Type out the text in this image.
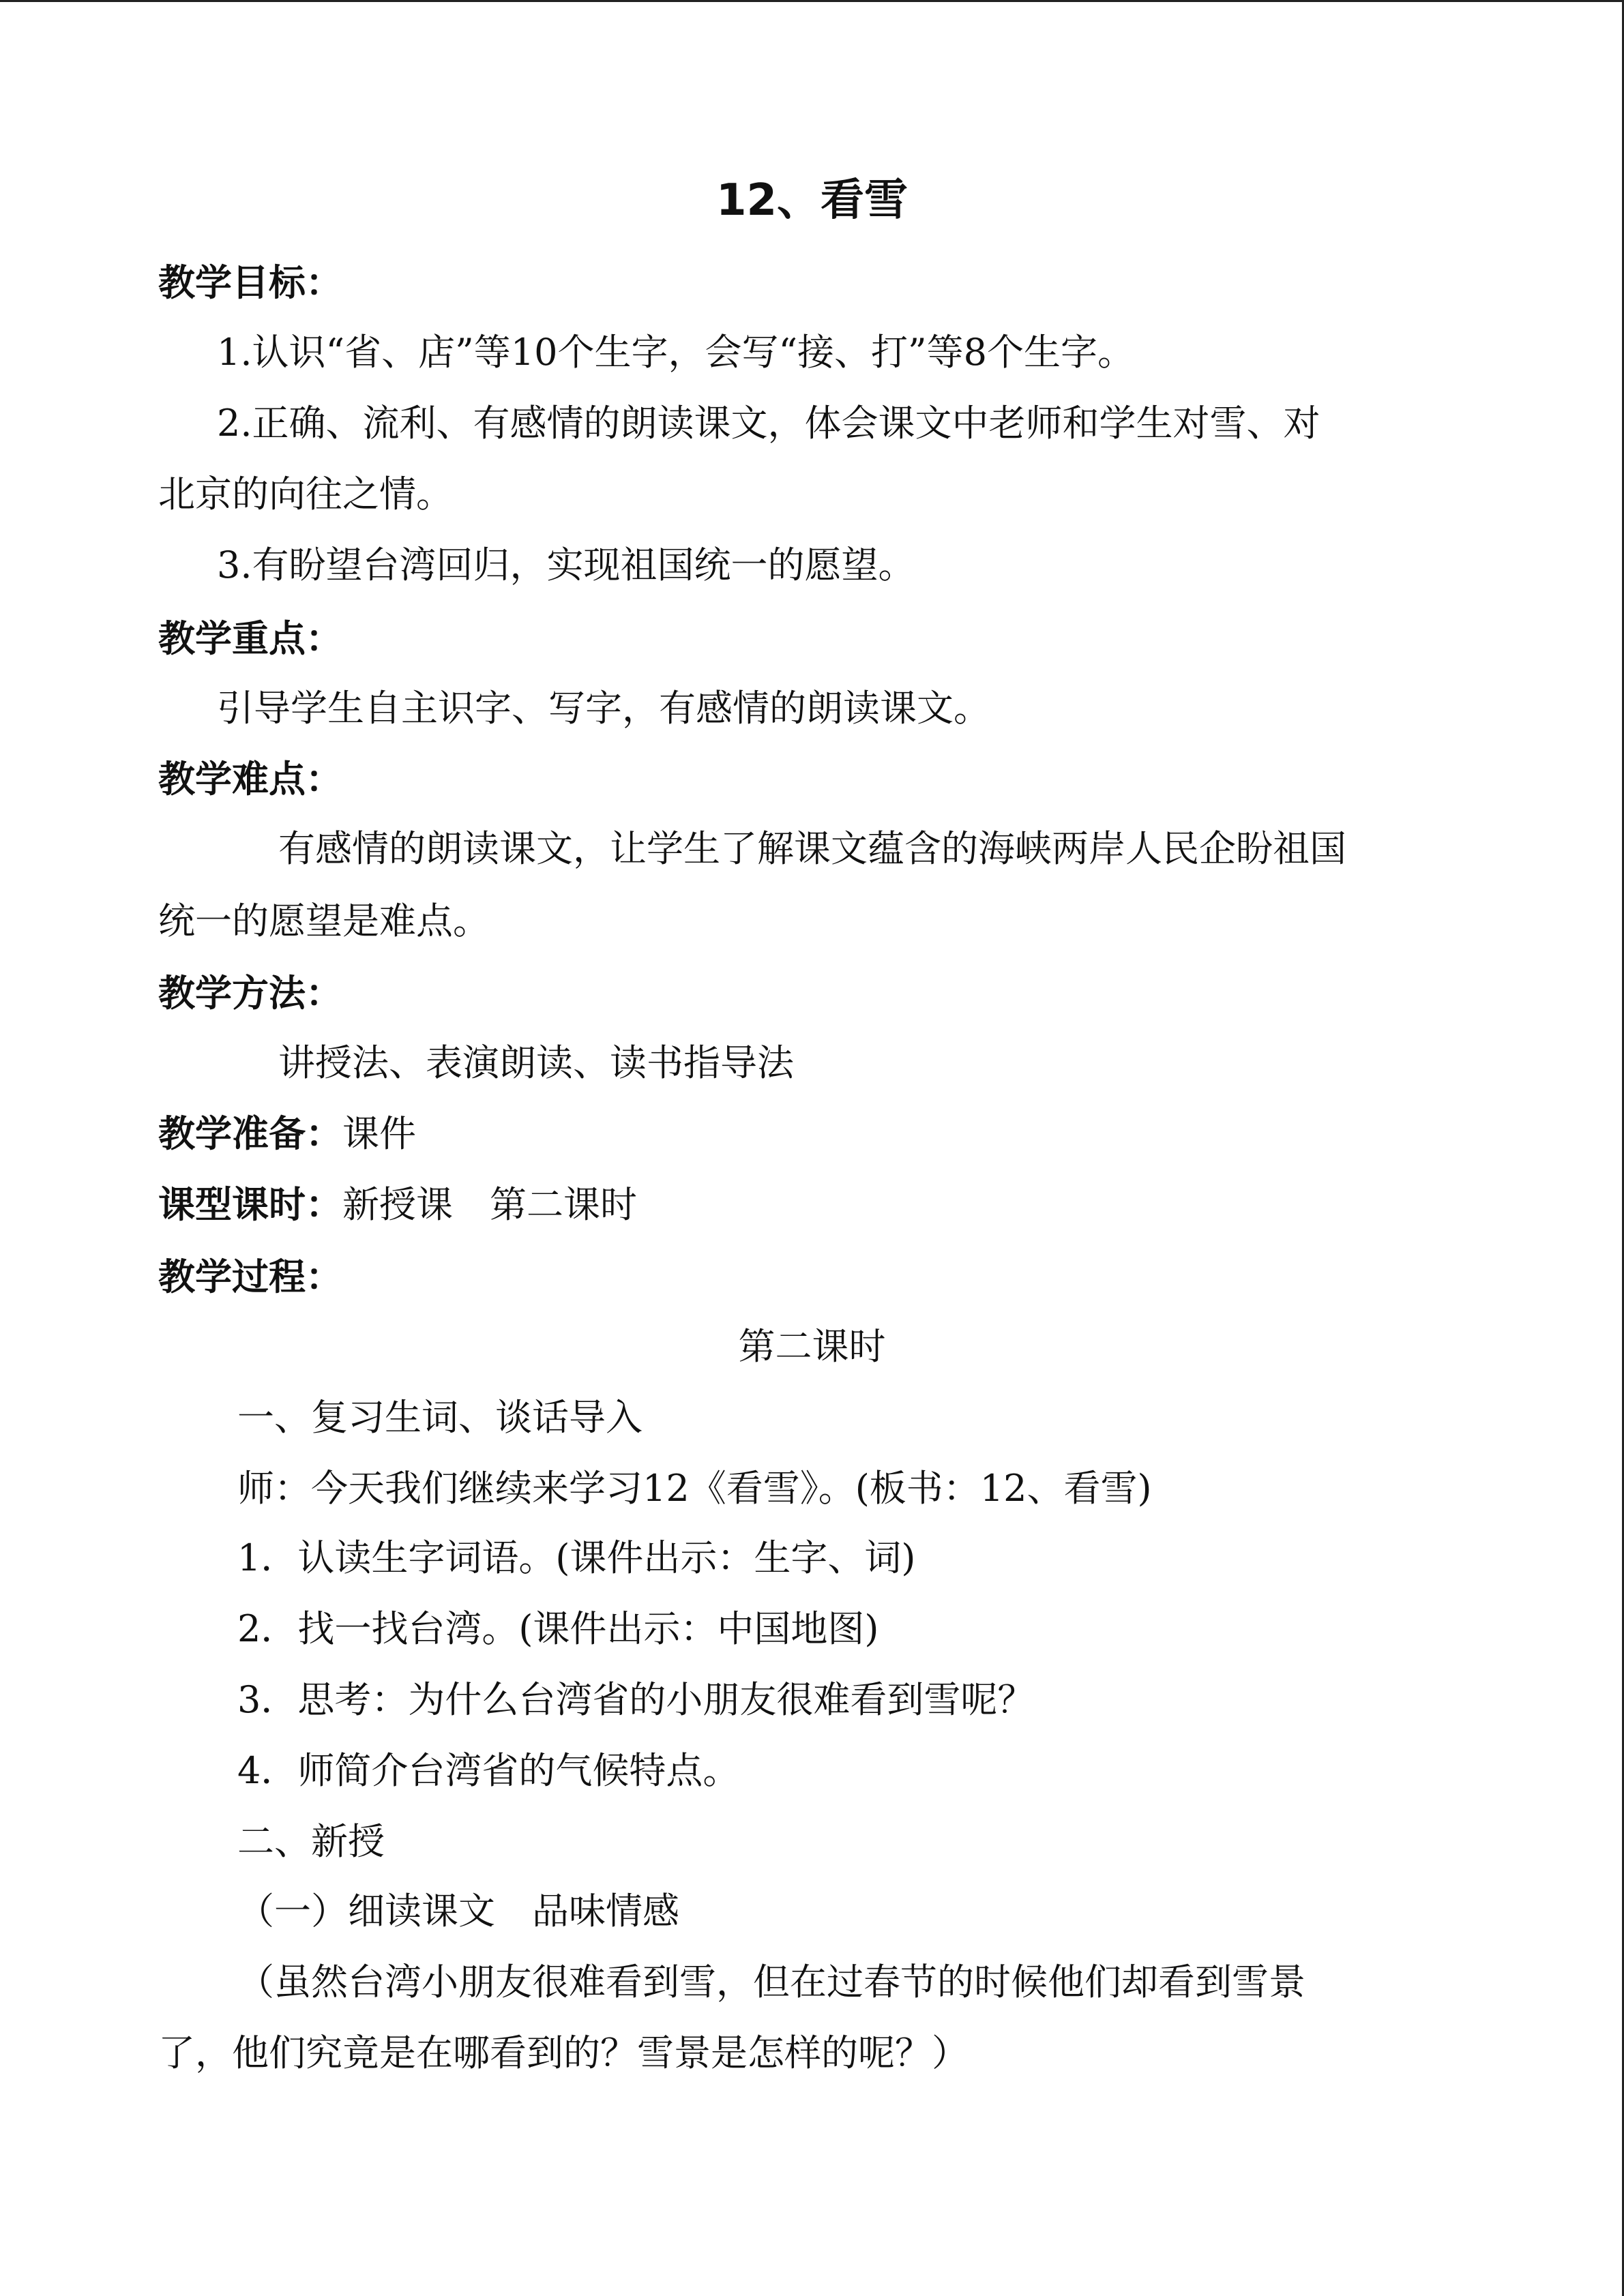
12、看雪
教学目标：
1.认识“省、店”等10个生字，会写“接、打”等8个生字。
2.正确、流利、有感情的朗读课文，体会课文中老师和学生对雪、对
北京的向往之情。
3.有盼望台湾回归，实现祖国统一的愿望。
教学重点：
引导学生自主识字、写字，有感情的朗读课文。
教学难点：
有感情的朗读课文，让学生了解课文蕴含的海峡两岸人民企盼祖国
统一的愿望是难点。
教学方法：
讲授法、表演朗读、读书指导法
教学准备：课件
课型课时：新授课　第二课时
教学过程：
第二课时
一、复习生词、谈话导入
师：今天我们继续来学习12《看雪》。(板书：12、看雪)
1．认读生字词语。(课件出示：生字、词)
2．找一找台湾。(课件出示：中国地图)
3．思考：为什么台湾省的小朋友很难看到雪呢？
4．师简介台湾省的气候特点。
二、新授
（一）细读课文　品味情感
（虽然台湾小朋友很难看到雪，但在过春节的时候他们却看到雪景
了，他们究竟是在哪看到的？雪景是怎样的呢？）
